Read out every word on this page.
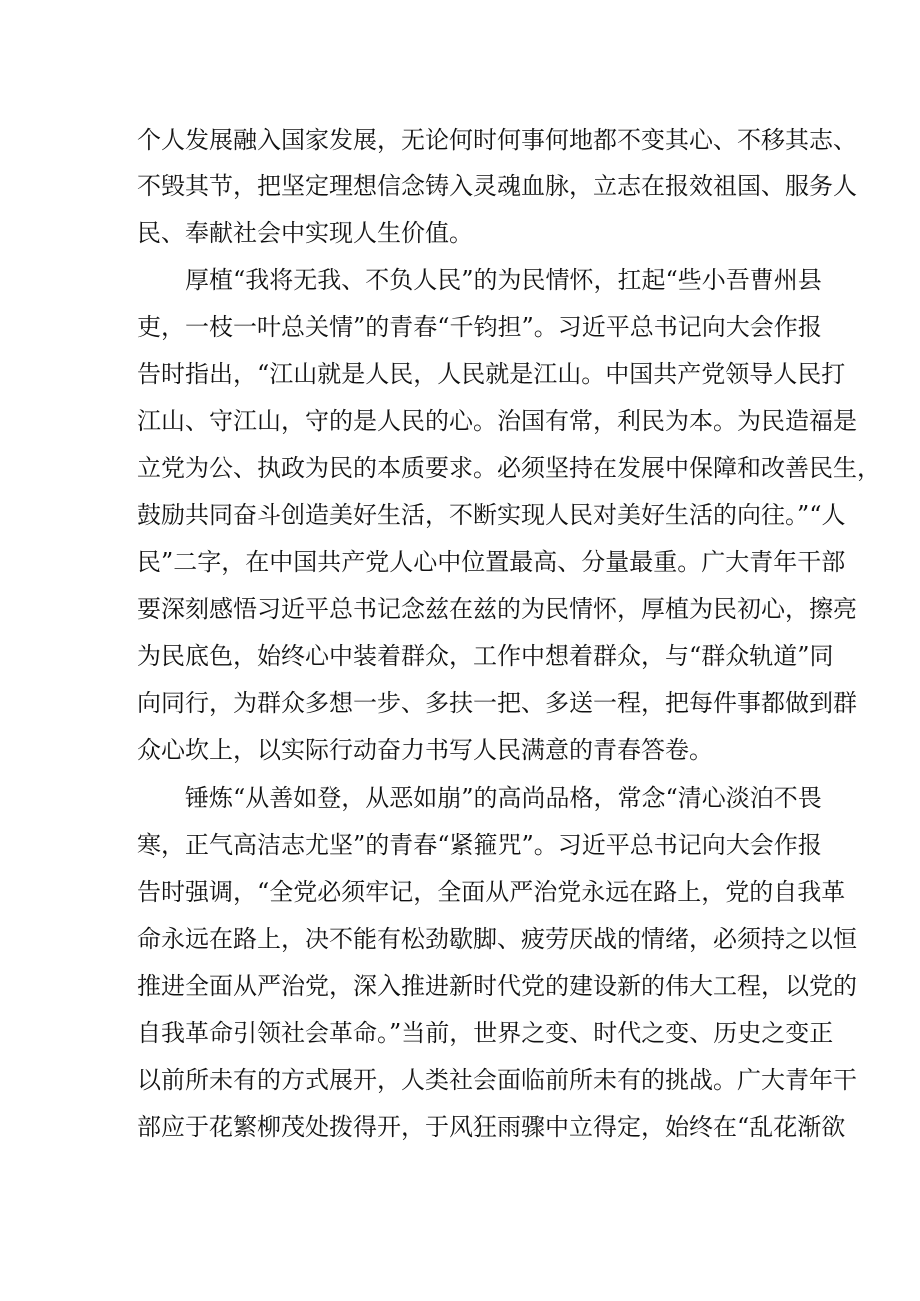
个人发展融入国家发展，无论何时何事何地都不变其心、不移其志、
不毁其节，把坚定理想信念铸入灵魂血脉，立志在报效祖国、服务人
民、奉献社会中实现人生价值。
厚植“我将无我、不负人民”的为民情怀，扛起“些小吾曹州县
吏，一枝一叶总关情”的青春“千钧担”。习近平总书记向大会作报
告时指出，“江山就是人民，人民就是江山。中国共产党领导人民打
江山、守江山，守的是人民的心。治国有常，利民为本。为民造福是
立党为公、执政为民的本质要求。必须坚持在发展中保障和改善民生，
鼓励共同奋斗创造美好生活，不断实现人民对美好生活的向往。”“人
民”二字，在中国共产党人心中位置最高、分量最重。广大青年干部
要深刻感悟习近平总书记念兹在兹的为民情怀，厚植为民初心，擦亮
为民底色，始终心中装着群众，工作中想着群众，与“群众轨道”同
向同行，为群众多想一步、多扶一把、多送一程，把每件事都做到群
众心坎上，以实际行动奋力书写人民满意的青春答卷。
锤炼“从善如登，从恶如崩”的高尚品格，常念“清心淡泊不畏
寒，正气高洁志尤坚”的青春“紧箍咒”。习近平总书记向大会作报
告时强调，“全党必须牢记，全面从严治党永远在路上，党的自我革
命永远在路上，决不能有松劲歇脚、疲劳厌战的情绪，必须持之以恒
推进全面从严治党，深入推进新时代党的建设新的伟大工程，以党的
自我革命引领社会革命。”当前，世界之变、时代之变、历史之变正
以前所未有的方式展开，人类社会面临前所未有的挑战。广大青年干
部应于花繁柳茂处拨得开，于风狂雨骤中立得定，始终在“乱花渐欲
